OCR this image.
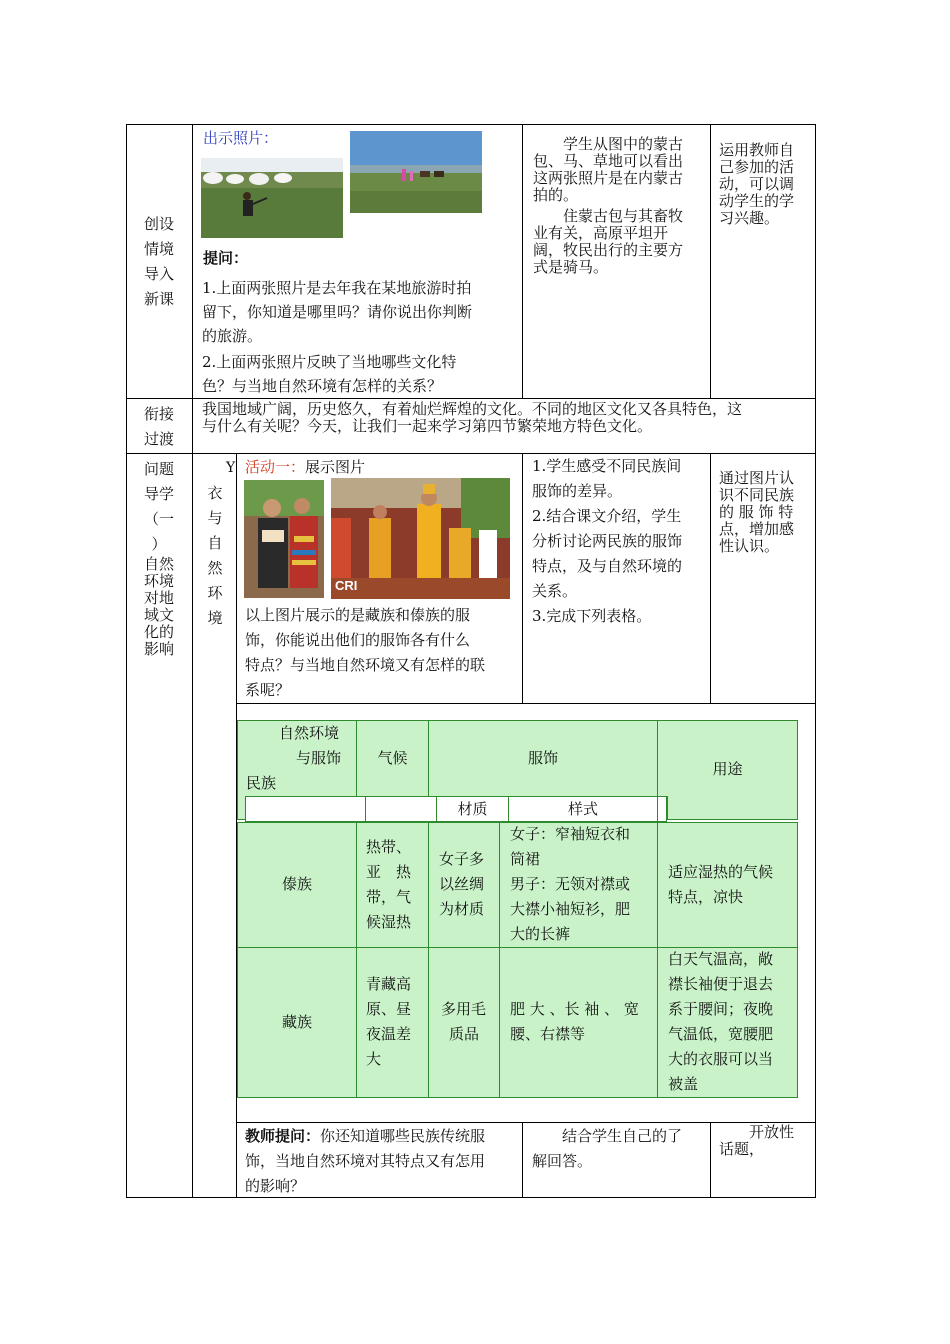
创设
情境
导入
新课
出示照片：
提问：
1.上面两张照片是去年我在某地旅游时拍
留下，你知道是哪里吗？请你说出你判断
的旅游。
2.上面两张照片反映了当地哪些文化特
色？与当地自然环境有怎样的关系？
　　学生从图中的蒙古
包、马、草地可以看出
这两张照片是在内蒙古
拍的。
　　住蒙古包与其畜牧
业有关，高原平坦开
阔，牧民出行的主要方
式是骑马。
运用教师自
己参加的活
动，可以调
动学生的学
习兴趣。
衔接
过渡
我国地域广阔，历史悠久，有着灿烂辉煌的文化。不同的地区文化又各具特色，这
与什么有关呢？今天，让我们一起来学习第四节繁荣地方特色文化。
问题
导学
（一
）
自然
环境
对地
域文
化的
影响
Y
衣
与
自
然
环
境
活动一：展示图片
CRI
以上图片展示的是藏族和傣族的服
饰，你能说出他们的服饰各有什么
特点？与当地自然环境又有怎样的联
系呢？
1.学生感受不同民族间
服饰的差异。
2.结合课文介绍，学生
分析讨论两民族的服饰
特点，及与自然环境的
关系。
3.完成下列表格。
通过图片认
识不同民族
的 服 饰 特
点，增加感
性认识。
自然环境
与服饰
民族
气候	服饰
用途
材质	样式
傣族
热带、
亚　热
带，气
候湿热
女子多
以丝绸
为材质
女子：窄袖短衣和
筒裙
男子：无领对襟或
大襟小袖短衫，肥
大的长裤
适应湿热的气候
特点，凉快
藏族
青藏高
原、昼
夜温差
大
多用毛
质品
肥 大 、长 袖 、 宽
腰、右襟等
白天气温高，敞
襟长袖便于退去
系于腰间；夜晚
气温低，宽腰肥
大的衣服可以当
被盖
教师提问：你还知道哪些民族传统服
饰，当地自然环境对其特点又有怎用
的影响？
　　结合学生自己的了
解回答。
　　开放性
话题，
